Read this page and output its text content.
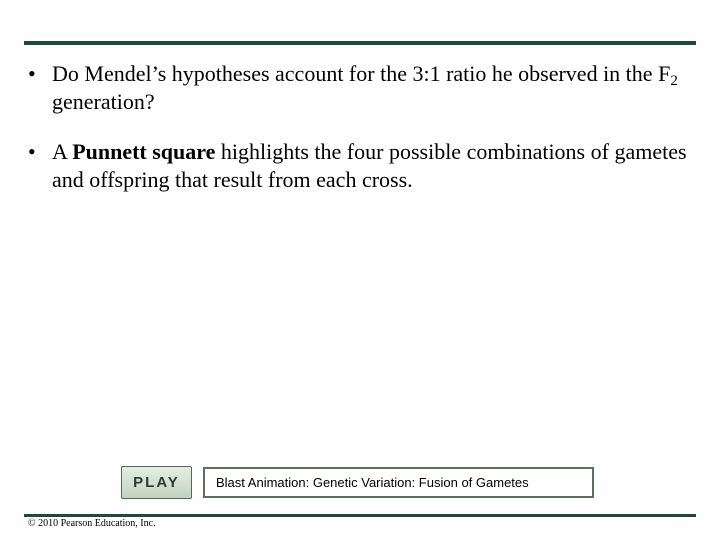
• Do Mendel’s hypotheses account for the 3:1 ratio he observed in the $F_2$ generation?
• A Punnett square highlights the four possible combinations of gametes and offspring that result from each cross.
PLAY	Blast Animation: Genetic Variation: Fusion of Gametes
© 2010 Pearson Education, Inc.
